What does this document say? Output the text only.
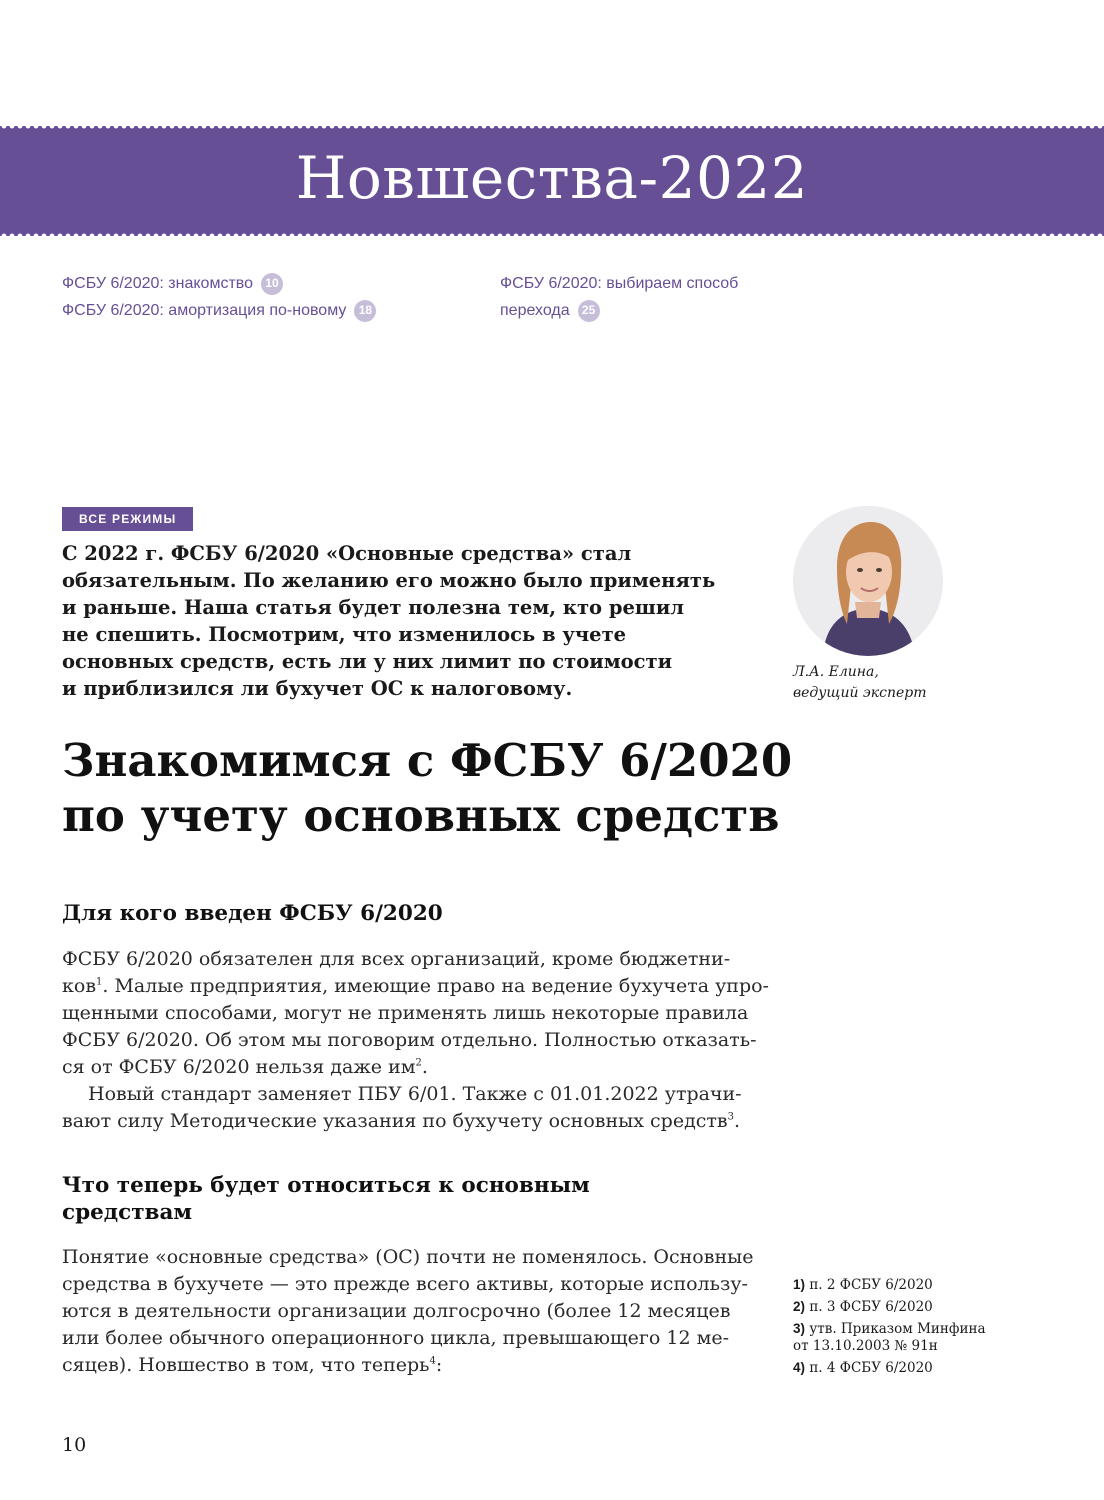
Новшества-2022
ФСБУ 6/2020: знакомство	10
ФСБУ 6/2020: амортизация по-новому	18
ФСБУ 6/2020: выбираем способ
перехода	25
ВСЕ РЕЖИМЫ
С 2022 г. ФСБУ 6/2020 «Основные средства» стал
обязательным. По желанию его можно было применять
и раньше. Наша статья будет полезна тем, кто решил
не спешить. Посмотрим, что изменилось в учете
основных средств, есть ли у них лимит по стоимости
и приблизился ли бухучет ОС к налоговому.
Л.А. Елина,
ведущий эксперт
Знакомимся с ФСБУ 6/2020
по учету основных средств
Для кого введен ФСБУ 6/2020
ФСБУ 6/2020 обязателен для всех организаций, кроме бюджетни-
ков$^1$. Малые предприятия, имеющие право на ведение бухучета упро-
щенными способами, могут не применять лишь некоторые правила
ФСБУ 6/2020. Об этом мы поговорим отдельно. Полностью отказать-
ся от ФСБУ 6/2020 нельзя даже $им^2$.
Новый стандарт заменяет ПБУ 6/01. Также с 01.01.2022 утрачи-
вают силу Методические указания по бухучету основных средств$^3$.
Что теперь будет относиться к основным
средствам
Понятие «основные средства» (ОС) почти не поменялось. Основные
средства в бухучете — это прежде всего активы, которые использу-
ются в деятельности организации долгосрочно (более 12 месяцев
или более обычного операционного цикла, превышающего 12 ме-
сяцев). Новшество в том, что теперь$^4$:
1) п. 2 ФСБУ 6/2020
2) п. 3 ФСБУ 6/2020
3) утв. Приказом Минфина
от 13.10.2003 № 91н
4) п. 4 ФСБУ 6/2020
10
